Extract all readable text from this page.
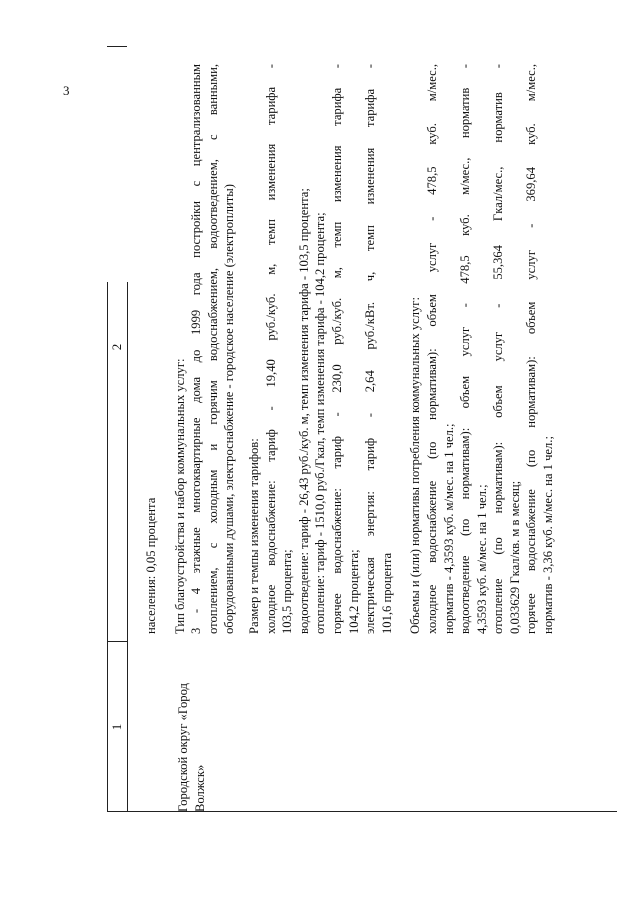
3
1
2
Городской округ «Город Волжск»
населения: 0,05 процента Тип благоустройства и набор коммунальных услуг: 3 - 4 этажные многоквартирные дома до 1999 года постройки с централизованным отоплением, с холодным и горячим водоснабжением, водоотведением, с ванными, оборудованными душами, электроснабжение - городское население (электроплиты) Размер и темпы изменения тарифов: холодное водоснабжение: тариф - 19,40 руб./куб. м, темп изменения тарифа - 103,5 процента; водоотведение: тариф - 26,43 руб./куб. м, темп изменения тарифа - 103,5 процента; отопление: тариф - 1510,0 руб./Гкал, темп изменения тарифа - 104,2 процента; горячее водоснабжение: тариф - 230,0 руб./куб. м, темп изменения тарифа - 104,2 процента; электрическая энергия: тариф - 2,64 руб./кВт. ч, темп изменения тарифа - 101,6 процента Объемы и (или) нормативы потребления коммунальных услуг: холодное водоснабжение (по нормативам): объем услуг - 478,5 куб. м/мес., норматив - 4,3593 куб. м/мес. на 1 чел.; водоотведение (по нормативам): объем услуг - 478,5 куб. м/мес., норматив - 4,3593 куб. м/мес. на 1 чел.; отопление (по нормативам): объем услуг - 55,364 Гкал/мес., норматив - 0,033629 Гкал/кв. м в месяц; горячее водоснабжение (по нормативам): объем услуг - 369,64 куб. м/мес., норматив - 3,36 куб. м/мес. на 1 чел.;
